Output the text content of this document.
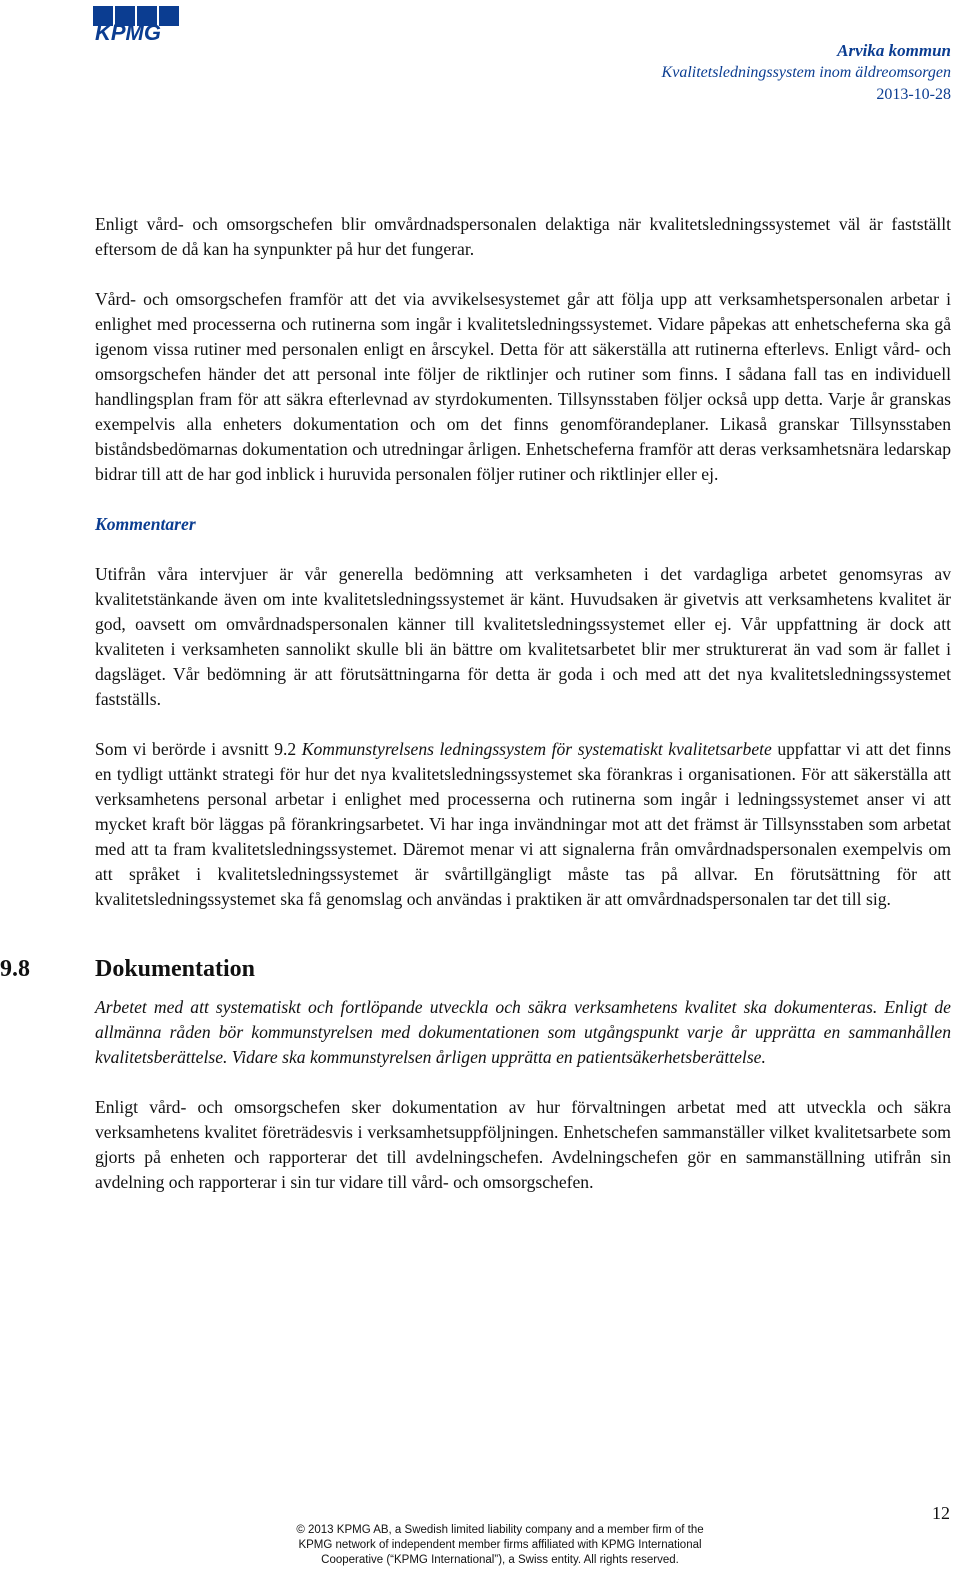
KPMG
Arvika kommun
Kvalitetsledningssystem inom äldreomsorgen
2013-10-28

Enligt vård- och omsorgschefen blir omvårdnadspersonalen delaktiga när kvalitetsledningssystemet väl är fastställt eftersom de då kan ha synpunkter på hur det fungerar.

Vård- och omsorgschefen framför att det via avvikelsesystemet går att följa upp att verksamhetspersonalen arbetar i enlighet med processerna och rutinerna som ingår i kvalitetsledningssystemet. Vidare påpekas att enhetscheferna ska gå igenom vissa rutiner med personalen enligt en årscykel. Detta för att säkerställa att rutinerna efterlevs. Enligt vård- och omsorgschefen händer det att personal inte följer de riktlinjer och rutiner som finns. I sådana fall tas en individuell handlingsplan fram för att säkra efterlevnad av styrdokumenten. Tillsynsstaben följer också upp detta. Varje år granskas exempelvis alla enheters dokumentation och om det finns genomförandeplaner. Likaså granskar Tillsynsstaben biståndsbedömarnas dokumentation och utredningar årligen. Enhetscheferna framför att deras verksamhetsnära ledarskap bidrar till att de har god inblick i huruvida personalen följer rutiner och riktlinjer eller ej.

Kommentarer

Utifrån våra intervjuer är vår generella bedömning att verksamheten i det vardagliga arbetet genomsyras av kvalitetstänkande även om inte kvalitetsledningssystemet är känt. Huvudsaken är givetvis att verksamhetens kvalitet är god, oavsett om omvårdnadspersonalen känner till kvalitetsledningssystemet eller ej. Vår uppfattning är dock att kvaliteten i verksamheten sannolikt skulle bli än bättre om kvalitetsarbetet blir mer strukturerat än vad som är fallet i dagsläget. Vår bedömning är att förutsättningarna för detta är goda i och med att det nya kvalitetsledningssystemet fastställs.

Som vi berörde i avsnitt 9.2 Kommunstyrelsens ledningssystem för systematiskt kvalitetsarbete uppfattar vi att det finns en tydligt uttänkt strategi för hur det nya kvalitetsledningssystemet ska förankras i organisationen. För att säkerställa att verksamhetens personal arbetar i enlighet med processerna och rutinerna som ingår i ledningssystemet anser vi att mycket kraft bör läggas på förankringsarbetet. Vi har inga invändningar mot att det främst är Tillsynsstaben som arbetat med att ta fram kvalitetsledningssystemet. Däremot menar vi att signalerna från omvårdnadspersonalen exempelvis om att språket i kvalitetsledningssystemet är svårtillgängligt måste tas på allvar. En förutsättning för att kvalitetsledningssystemet ska få genomslag och användas i praktiken är att omvårdnadspersonalen tar det till sig.

9.8	Dokumentation

Arbetet med att systematiskt och fortlöpande utveckla och säkra verksamhetens kvalitet ska dokumenteras. Enligt de allmänna råden bör kommunstyrelsen med dokumentationen som utgångspunkt varje år upprätta en sammanhållen kvalitetsberättelse. Vidare ska kommunstyrelsen årligen upprätta en patientsäkerhetsberättelse.

Enligt vård- och omsorgschefen sker dokumentation av hur förvaltningen arbetat med att utveckla och säkra verksamhetens kvalitet företrädesvis i verksamhetsuppföljningen. Enhetschefen sammanställer vilket kvalitetsarbete som gjorts på enheten och rapporterar det till avdelningschefen. Avdelningschefen gör en sammanställning utifrån sin avdelning och rapporterar i sin tur vidare till vård- och omsorgschefen.

12
© 2013 KPMG AB, a Swedish limited liability company and a member firm of the
KPMG network of independent member firms affiliated with KPMG International
Cooperative (“KPMG International”), a Swiss entity. All rights reserved.
